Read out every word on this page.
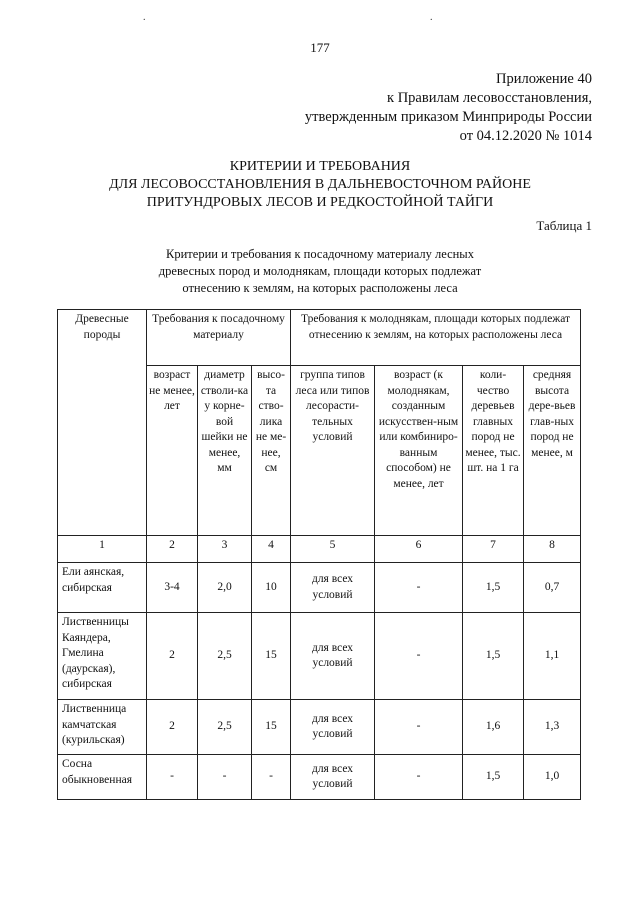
.	.
177
Приложение 40
к Правилам лесовосстановления,
утвержденным приказом Минприроды России
от 04.12.2020 № 1014
КРИТЕРИИ И ТРЕБОВАНИЯ
ДЛЯ ЛЕСОВОССТАНОВЛЕНИЯ В ДАЛЬНЕВОСТОЧНОМ РАЙОНЕ
ПРИТУНДРОВЫХ ЛЕСОВ И РЕДКОСТОЙНОЙ ТАЙГИ
Таблица 1
Критерии и требования к посадочному материалу лесных
древесных пород и молоднякам, площади которых подлежат
отнесению к землям, на которых расположены леса
Древесные породы	Требования к посадочному материалу			Требования к молоднякам, площади которых подлежат отнесению к землям, на которых расположены леса			
	возраст не менее, лет	диаметр стволи-ка у корне-вой шейки не менее, мм	высо-та ство-лика не ме-нее, см	группа типов леса или типов лесорасти-тельных условий	возраст (к молоднякам, созданным искусствен-ным или комбиниро-ванным способом) не менее, лет	коли-чество деревьев главных пород не менее, тыс. шт. на 1 га	средняя высота дере-вьев глав-ных пород не менее, м
1	2	3	4	5	6	7	8
Ели аянская, сибирская	3-4	2,0	10	для всех условий	-	1,5	0,7
Лиственницы Каяндера, Гмелина (даурская), сибирская	2	2,5	15	для всех условий	-	1,5	1,1
Лиственница камчатская (курильская)	2	2,5	15	для всех условий	-	1,6	1,3
Сосна обыкновенная	-	-	-	для всех условий	-	1,5	1,0
